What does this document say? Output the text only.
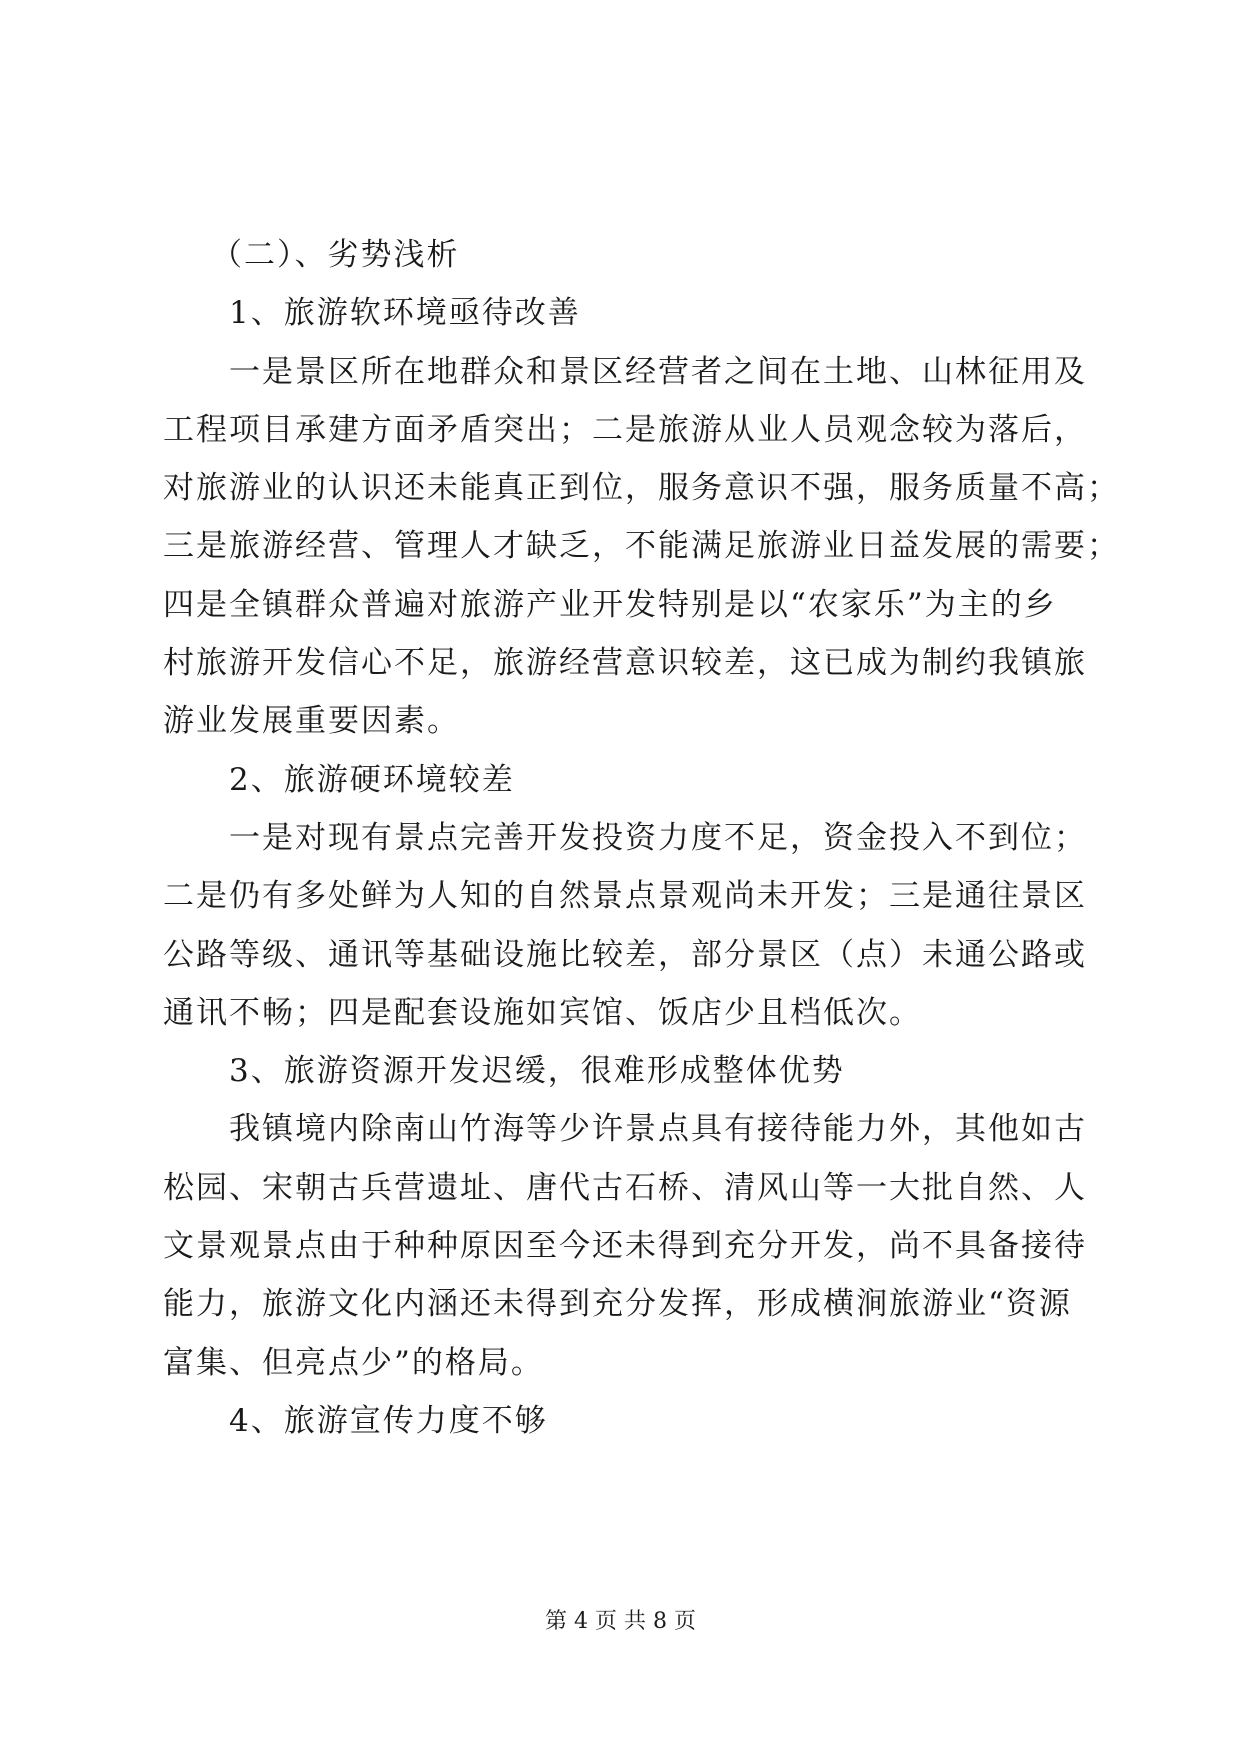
（二）、劣势浅析

　　1、旅游软环境亟待改善

　　一是景区所在地群众和景区经营者之间在土地、山林征用及

工程项目承建方面矛盾突出；二是旅游从业人员观念较为落后，

对旅游业的认识还未能真正到位，服务意识不强，服务质量不高；

三是旅游经营、管理人才缺乏，不能满足旅游业日益发展的需要；

四是全镇群众普遍对旅游产业开发特别是以“农家乐”为主的乡

村旅游开发信心不足，旅游经营意识较差，这已成为制约我镇旅

游业发展重要因素。

　　2、旅游硬环境较差

　　一是对现有景点完善开发投资力度不足，资金投入不到位；

二是仍有多处鲜为人知的自然景点景观尚未开发；三是通往景区

公路等级、通讯等基础设施比较差，部分景区（点）未通公路或

通讯不畅；四是配套设施如宾馆、饭店少且档低次。

　　3、旅游资源开发迟缓，很难形成整体优势

　　我镇境内除南山竹海等少许景点具有接待能力外，其他如古

松园、宋朝古兵营遗址、唐代古石桥、清风山等一大批自然、人

文景观景点由于种种原因至今还未得到充分开发，尚不具备接待

能力，旅游文化内涵还未得到充分发挥，形成横涧旅游业“资源

富集、但亮点少”的格局。

　　4、旅游宣传力度不够

第 4 页 共 8 页
